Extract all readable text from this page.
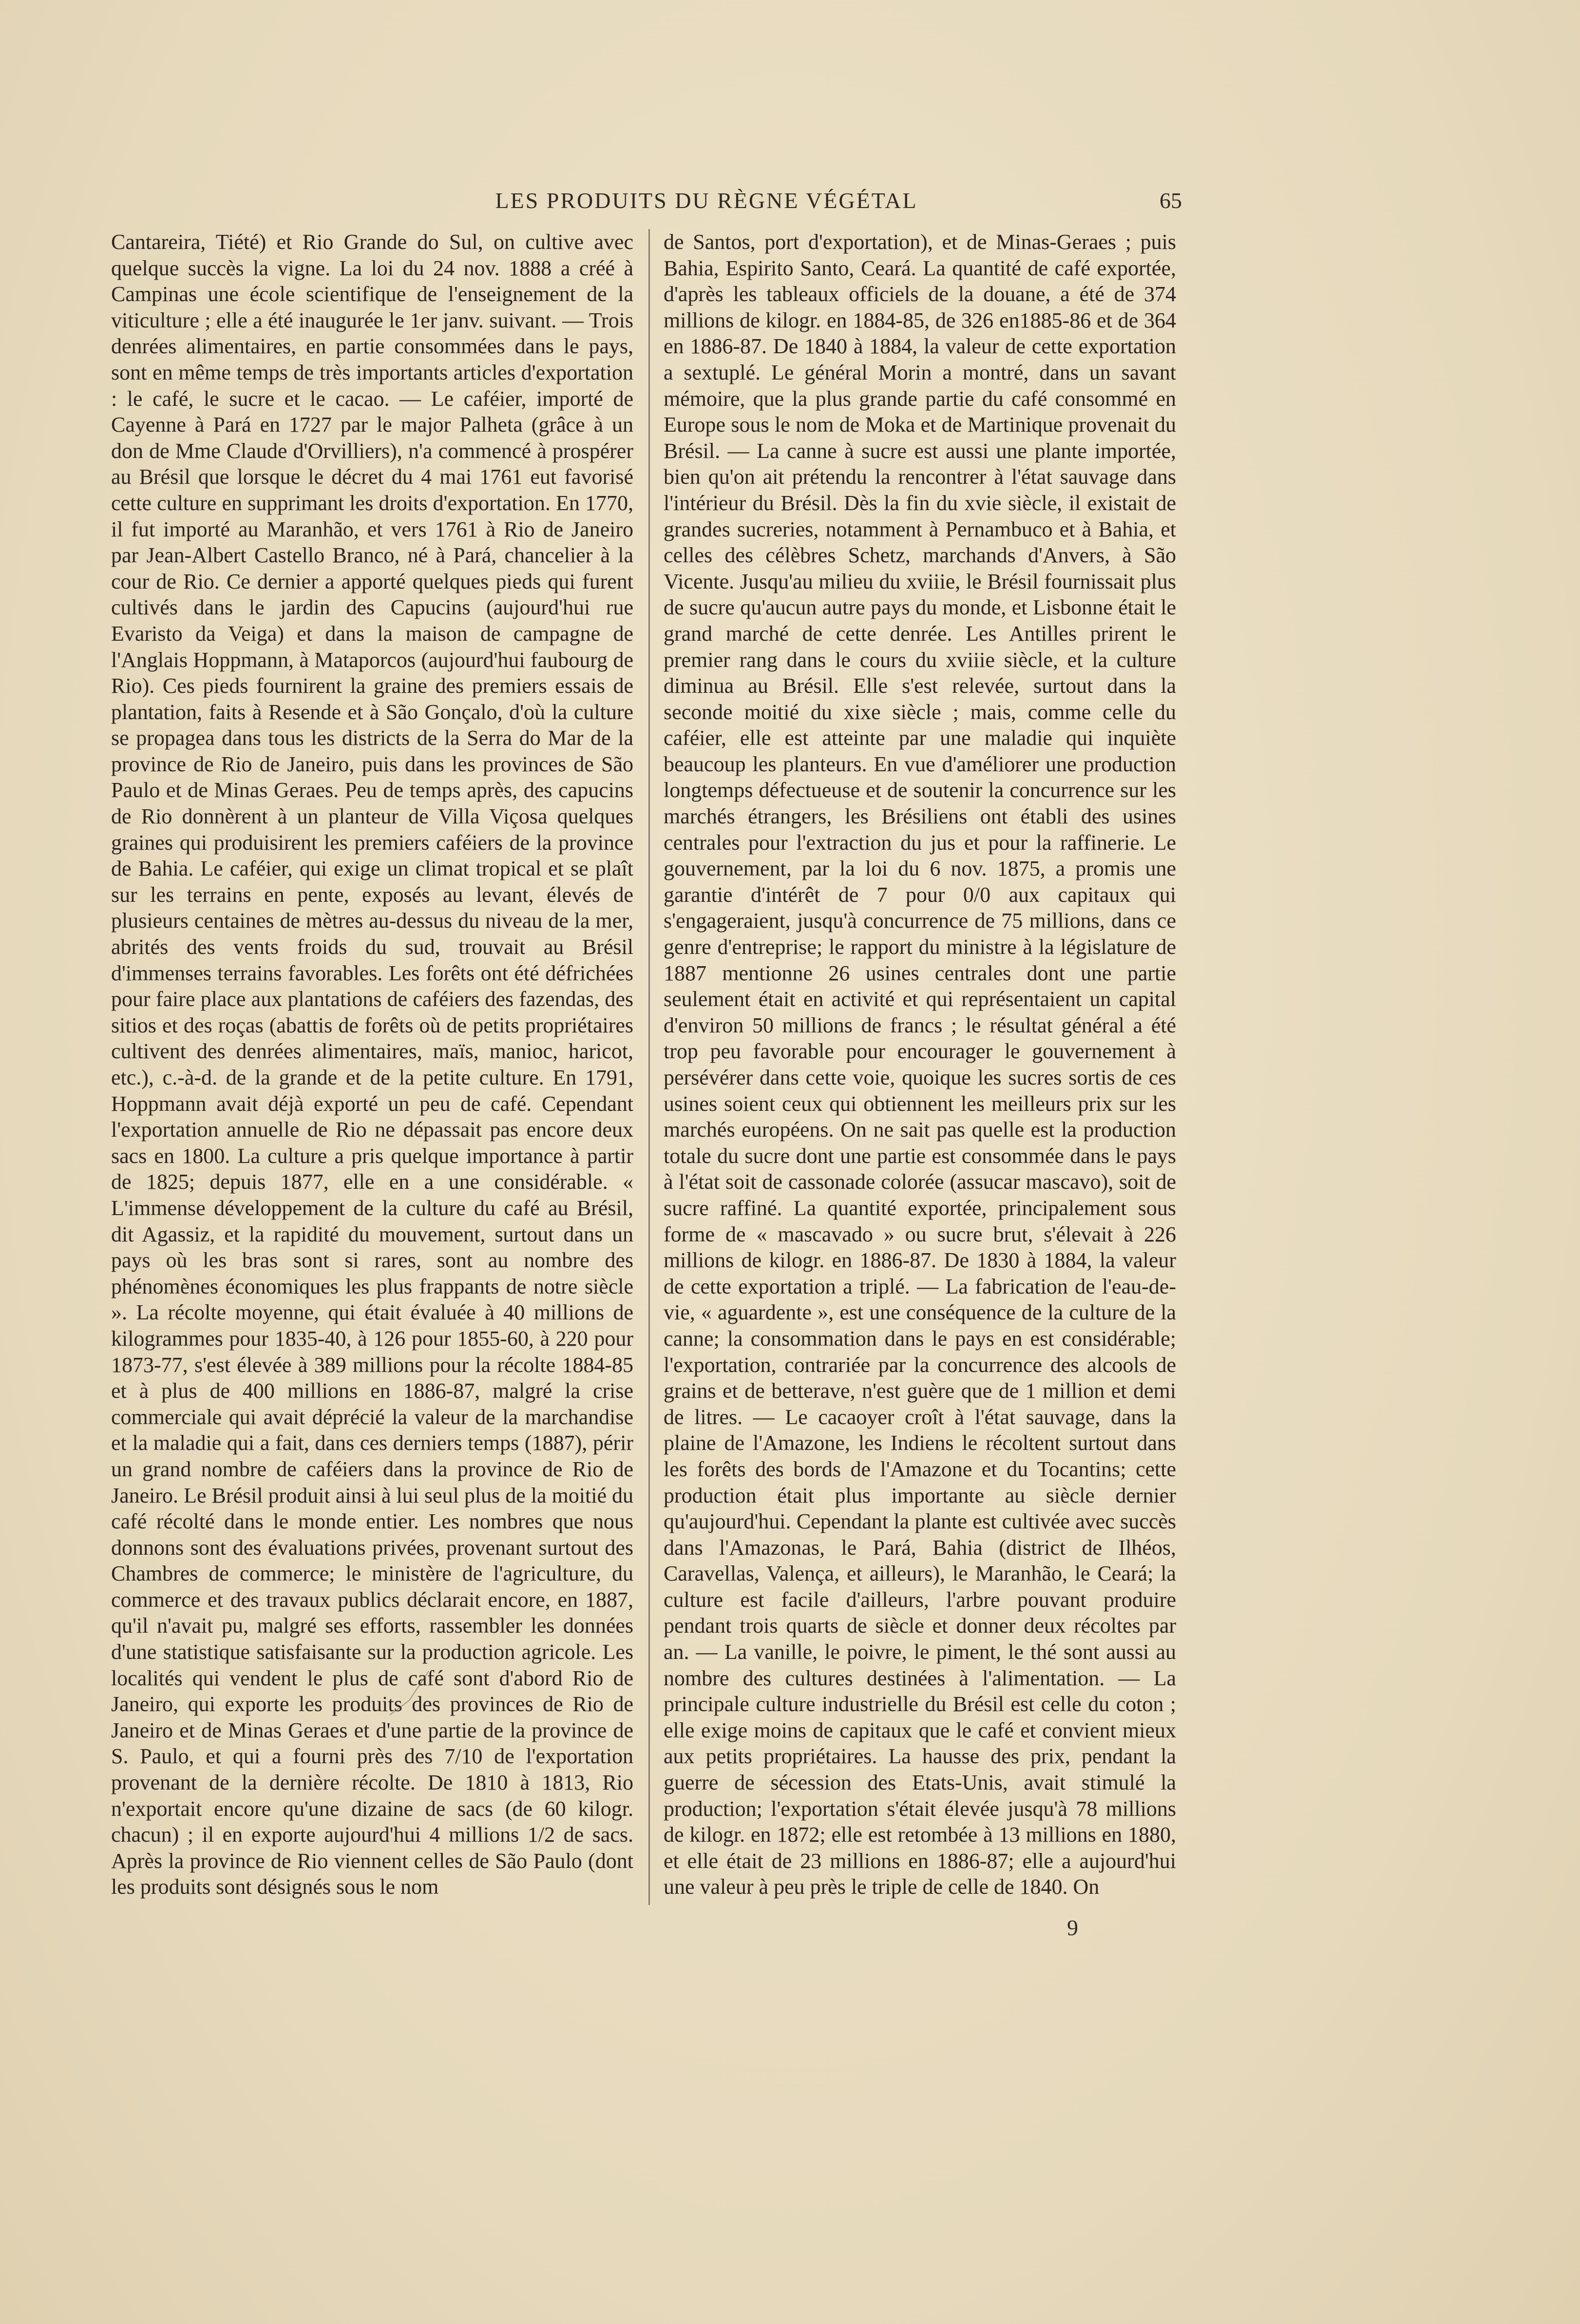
LES PRODUITS DU RÈGNE VÉGÉTAL	65

Cantareira, Tiété) et Rio Grande do Sul, on cultive avec quelque succès la vigne. La loi du 24 nov. 1888 a créé à Campinas une école scientifique de l'enseignement de la viticulture ; elle a été inaugurée le 1er janv. suivant. — Trois denrées alimentaires, en partie consommées dans le pays, sont en même temps de très importants articles d'exportation : le café, le sucre et le cacao. — Le caféier, importé de Cayenne à Pará en 1727 par le major Palheta (grâce à un don de Mme Claude d'Orvilliers), n'a commencé à prospérer au Brésil que lorsque le décret du 4 mai 1761 eut favorisé cette culture en supprimant les droits d'exportation. En 1770, il fut importé au Maranhão, et vers 1761 à Rio de Janeiro par Jean-Albert Castello Branco, né à Pará, chancelier à la cour de Rio. Ce dernier a apporté quelques pieds qui furent cultivés dans le jardin des Capucins (aujourd'hui rue Evaristo da Veiga) et dans la maison de campagne de l'Anglais Hoppmann, à Mataporcos (aujourd'hui faubourg de Rio). Ces pieds fournirent la graine des premiers essais de plantation, faits à Resende et à São Gonçalo, d'où la culture se propagea dans tous les districts de la Serra do Mar de la province de Rio de Janeiro, puis dans les provinces de São Paulo et de Minas Geraes. Peu de temps après, des capucins de Rio donnèrent à un planteur de Villa Viçosa quelques graines qui produisirent les premiers caféiers de la province de Bahia. Le caféier, qui exige un climat tropical et se plaît sur les terrains en pente, exposés au levant, élevés de plusieurs centaines de mètres au-dessus du niveau de la mer, abrités des vents froids du sud, trouvait au Brésil d'immenses terrains favorables. Les forêts ont été défrichées pour faire place aux plantations de caféiers des fazendas, des sitios et des roças (abattis de forêts où de petits propriétaires cultivent des denrées alimentaires, maïs, manioc, haricot, etc.), c.-à-d. de la grande et de la petite culture. En 1791, Hoppmann avait déjà exporté un peu de café. Cependant l'exportation annuelle de Rio ne dépassait pas encore deux sacs en 1800. La culture a pris quelque importance à partir de 1825; depuis 1877, elle en a une considérable. « L'immense développement de la culture du café au Brésil, dit Agassiz, et la rapidité du mouvement, surtout dans un pays où les bras sont si rares, sont au nombre des phénomènes économiques les plus frappants de notre siècle ». La récolte moyenne, qui était évaluée à 40 millions de kilogrammes pour 1835-40, à 126 pour 1855-60, à 220 pour 1873-77, s'est élevée à 389 millions pour la récolte 1884-85 et à plus de 400 millions en 1886-87, malgré la crise commerciale qui avait déprécié la valeur de la marchandise et la maladie qui a fait, dans ces derniers temps (1887), périr un grand nombre de caféiers dans la province de Rio de Janeiro. Le Brésil produit ainsi à lui seul plus de la moitié du café récolté dans le monde entier. Les nombres que nous donnons sont des évaluations privées, provenant surtout des Chambres de commerce; le ministère de l'agriculture, du commerce et des travaux publics déclarait encore, en 1887, qu'il n'avait pu, malgré ses efforts, rassembler les données d'une statistique satisfaisante sur la production agricole. Les localités qui vendent le plus de café sont d'abord Rio de Janeiro, qui exporte les produits des provinces de Rio de Janeiro et de Minas Geraes et d'une partie de la province de S. Paulo, et qui a fourni près des 7/10 de l'exportation provenant de la dernière récolte. De 1810 à 1813, Rio n'exportait encore qu'une dizaine de sacs (de 60 kilogr. chacun) ; il en exporte aujourd'hui 4 millions 1/2 de sacs. Après la province de Rio viennent celles de São Paulo (dont les produits sont désignés sous le nom

de Santos, port d'exportation), et de Minas-Geraes ; puis Bahia, Espirito Santo, Ceará. La quantité de café exportée, d'après les tableaux officiels de la douane, a été de 374 millions de kilogr. en 1884-85, de 326 en1885-86 et de 364 en 1886-87. De 1840 à 1884, la valeur de cette exportation a sextuplé. Le général Morin a montré, dans un savant mémoire, que la plus grande partie du café consommé en Europe sous le nom de Moka et de Martinique provenait du Brésil. — La canne à sucre est aussi une plante importée, bien qu'on ait prétendu la rencontrer à l'état sauvage dans l'intérieur du Brésil. Dès la fin du xvie siècle, il existait de grandes sucreries, notamment à Pernambuco et à Bahia, et celles des célèbres Schetz, marchands d'Anvers, à São Vicente. Jusqu'au milieu du xviiie, le Brésil fournissait plus de sucre qu'aucun autre pays du monde, et Lisbonne était le grand marché de cette denrée. Les Antilles prirent le premier rang dans le cours du xviiie siècle, et la culture diminua au Brésil. Elle s'est relevée, surtout dans la seconde moitié du xixe siècle ; mais, comme celle du caféier, elle est atteinte par une maladie qui inquiète beaucoup les planteurs. En vue d'améliorer une production longtemps défectueuse et de soutenir la concurrence sur les marchés étrangers, les Brésiliens ont établi des usines centrales pour l'extraction du jus et pour la raffinerie. Le gouvernement, par la loi du 6 nov. 1875, a promis une garantie d'intérêt de 7 pour 0/0 aux capitaux qui s'engageraient, jusqu'à concurrence de 75 millions, dans ce genre d'entreprise; le rapport du ministre à la législature de 1887 mentionne 26 usines centrales dont une partie seulement était en activité et qui représentaient un capital d'environ 50 millions de francs ; le résultat général a été trop peu favorable pour encourager le gouvernement à persévérer dans cette voie, quoique les sucres sortis de ces usines soient ceux qui obtiennent les meilleurs prix sur les marchés européens. On ne sait pas quelle est la production totale du sucre dont une partie est consommée dans le pays à l'état soit de cassonade colorée (assucar mascavo), soit de sucre raffiné. La quantité exportée, principalement sous forme de « mascavado » ou sucre brut, s'élevait à 226 millions de kilogr. en 1886-87. De 1830 à 1884, la valeur de cette exportation a triplé. — La fabrication de l'eau-de-vie, « aguardente », est une conséquence de la culture de la canne; la consommation dans le pays en est considérable; l'exportation, contrariée par la concurrence des alcools de grains et de betterave, n'est guère que de 1 million et demi de litres. — Le cacaoyer croît à l'état sauvage, dans la plaine de l'Amazone, les Indiens le récoltent surtout dans les forêts des bords de l'Amazone et du Tocantins; cette production était plus importante au siècle dernier qu'aujourd'hui. Cependant la plante est cultivée avec succès dans l'Amazonas, le Pará, Bahia (district de Ilhéos, Caravellas, Valença, et ailleurs), le Maranhão, le Ceará; la culture est facile d'ailleurs, l'arbre pouvant produire pendant trois quarts de siècle et donner deux récoltes par an. — La vanille, le poivre, le piment, le thé sont aussi au nombre des cultures destinées à l'alimentation. — La principale culture industrielle du Brésil est celle du coton ; elle exige moins de capitaux que le café et convient mieux aux petits propriétaires. La hausse des prix, pendant la guerre de sécession des Etats-Unis, avait stimulé la production; l'exportation s'était élevée jusqu'à 78 millions de kilogr. en 1872; elle est retombée à 13 millions en 1880, et elle était de 23 millions en 1886-87; elle a aujourd'hui une valeur à peu près le triple de celle de 1840. On

9
